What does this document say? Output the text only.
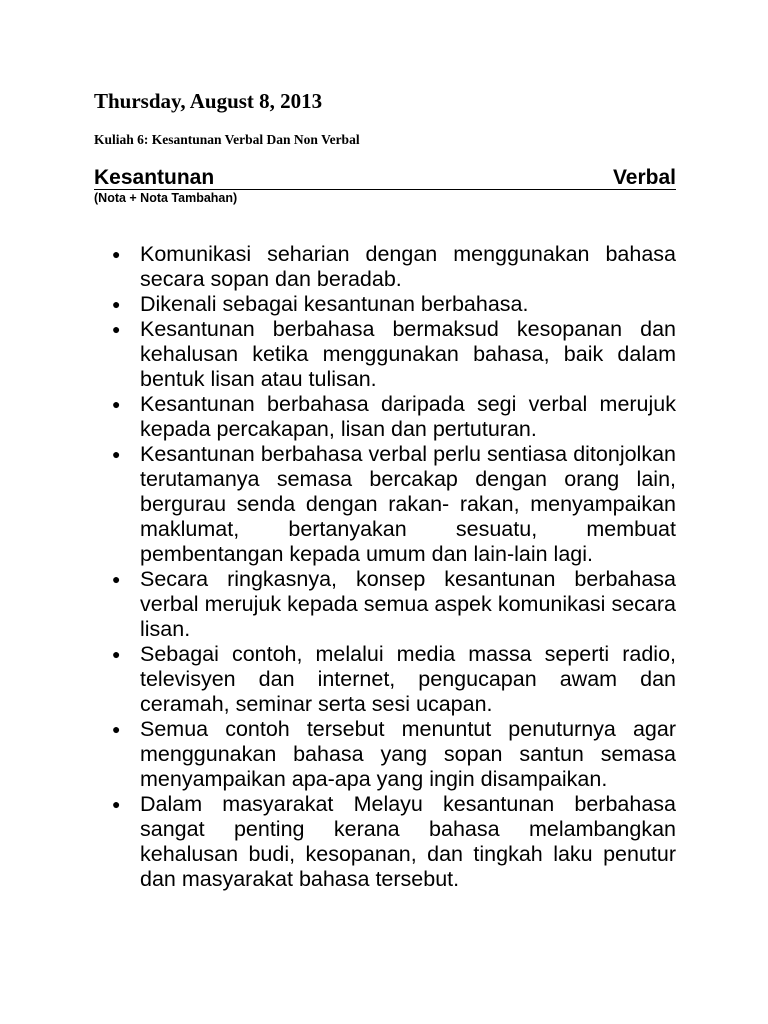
Thursday, August 8, 2013
Kuliah 6: Kesantunan Verbal Dan Non Verbal
Kesantunan	Verbal
(Nota + Nota Tambahan)
● Komunikasi seharian dengan menggunakan bahasa secara sopan dan beradab.
● Dikenali sebagai kesantunan berbahasa.
● Kesantunan berbahasa bermaksud kesopanan dan kehalusan ketika menggunakan bahasa, baik dalam bentuk lisan atau tulisan.
● Kesantunan berbahasa daripada segi verbal merujuk kepada percakapan, lisan dan pertuturan.
● Kesantunan berbahasa verbal perlu sentiasa ditonjolkan terutamanya semasa bercakap dengan orang lain, bergurau senda dengan rakan- rakan, menyampaikan maklumat, bertanyakan sesuatu, membuat pembentangan kepada umum dan lain-lain lagi.
● Secara ringkasnya, konsep kesantunan berbahasa verbal merujuk kepada semua aspek komunikasi secara lisan.
● Sebagai contoh, melalui media massa seperti radio, televisyen dan internet, pengucapan awam dan ceramah, seminar serta sesi ucapan.
● Semua contoh tersebut menuntut penuturnya agar menggunakan bahasa yang sopan santun semasa menyampaikan apa-apa yang ingin disampaikan.
● Dalam masyarakat Melayu kesantunan berbahasa sangat penting kerana bahasa melambangkan kehalusan budi, kesopanan, dan tingkah laku penutur dan masyarakat bahasa tersebut.
